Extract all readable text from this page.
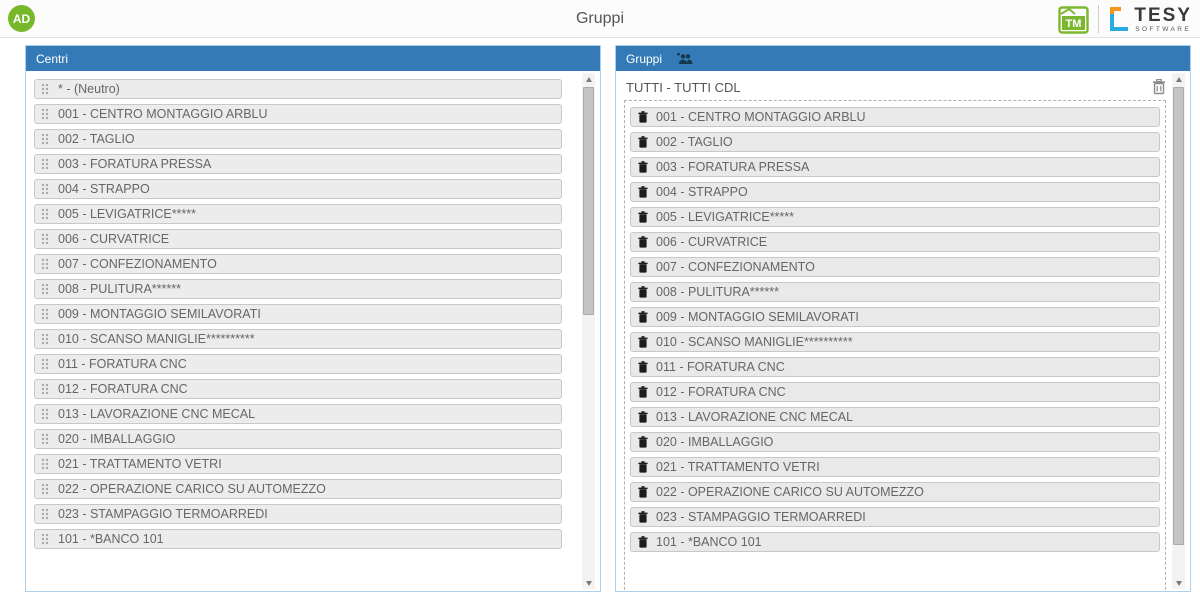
AD	Gruppi	TM	TESY
SOFTWARE
Centri
* - (Neutro)
001 - CENTRO MONTAGGIO ARBLU
002 - TAGLIO
003 - FORATURA PRESSA
004 - STRAPPO
005 - LEVIGATRICE*****
006 - CURVATRICE
007 - CONFEZIONAMENTO
008 - PULITURA******
009 - MONTAGGIO SEMILAVORATI
010 - SCANSO MANIGLIE**********
011 - FORATURA CNC
012 - FORATURA CNC
013 - LAVORAZIONE CNC MECAL
020 - IMBALLAGGIO
021 - TRATTAMENTO VETRI
022 - OPERAZIONE CARICO SU AUTOMEZZO
023 - STAMPAGGIO TERMOARREDI
101 - *BANCO 101
Gruppi
TUTTI - TUTTI CDL
001 - CENTRO MONTAGGIO ARBLU
002 - TAGLIO
003 - FORATURA PRESSA
004 - STRAPPO
005 - LEVIGATRICE*****
006 - CURVATRICE
007 - CONFEZIONAMENTO
008 - PULITURA******
009 - MONTAGGIO SEMILAVORATI
010 - SCANSO MANIGLIE**********
011 - FORATURA CNC
012 - FORATURA CNC
013 - LAVORAZIONE CNC MECAL
020 - IMBALLAGGIO
021 - TRATTAMENTO VETRI
022 - OPERAZIONE CARICO SU AUTOMEZZO
023 - STAMPAGGIO TERMOARREDI
101 - *BANCO 101
